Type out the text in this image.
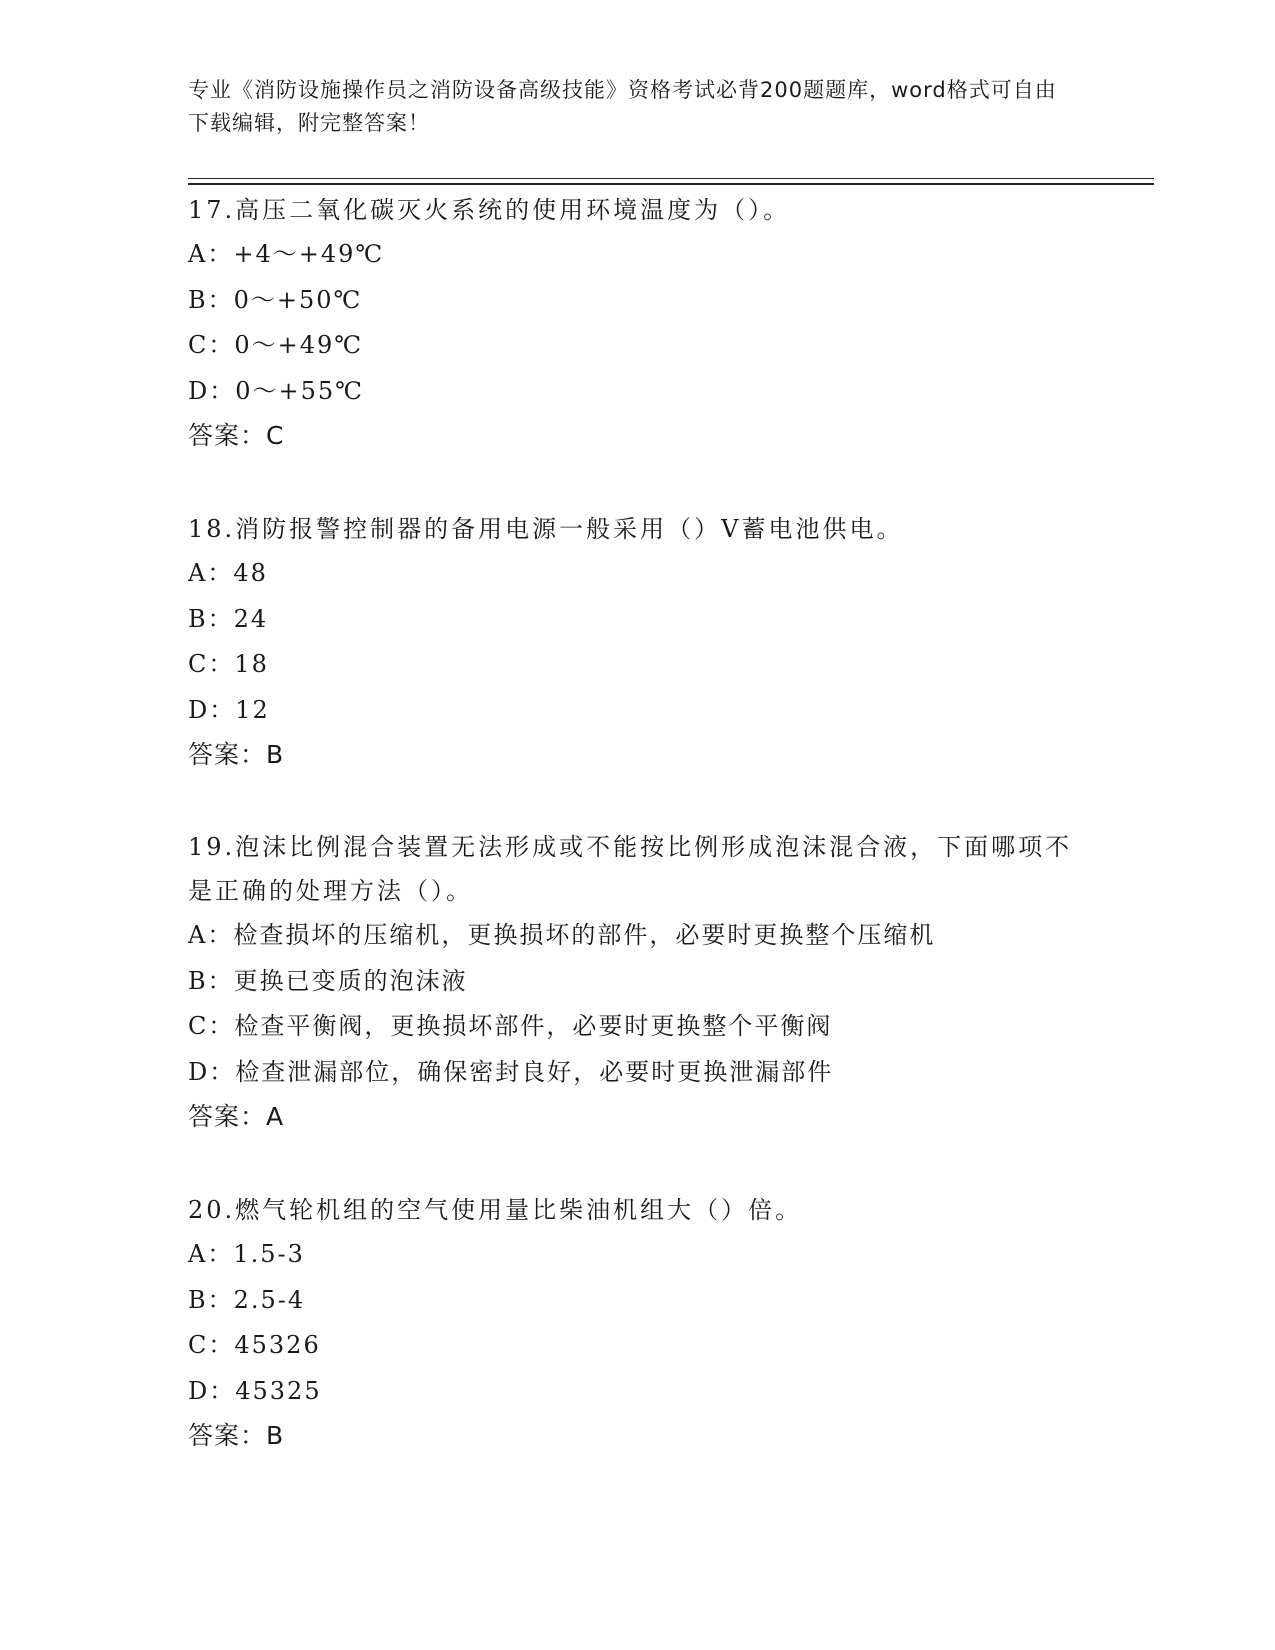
专业《消防设施操作员之消防设备高级技能》资格考试必背200题题库，word格式可自由下载编辑，附完整答案！

17.高压二氧化碳灭火系统的使用环境温度为（）。

A：+4～+49℃

B：0～+50℃

C：0～+49℃

D：0～+55℃

答案：C

18.消防报警控制器的备用电源一般采用（）V蓄电池供电。

A：48

B：24

C：18

D：12

答案：B

19.泡沫比例混合装置无法形成或不能按比例形成泡沫混合液，下面哪项不是正确的处理方法（）。

A：检查损坏的压缩机，更换损坏的部件，必要时更换整个压缩机

B：更换已变质的泡沫液

C：检查平衡阀，更换损坏部件，必要时更换整个平衡阀

D：检查泄漏部位，确保密封良好，必要时更换泄漏部件

答案：A

20.燃气轮机组的空气使用量比柴油机组大（）倍。

A：1.5-3

B：2.5-4

C：45326

D：45325

答案：B
